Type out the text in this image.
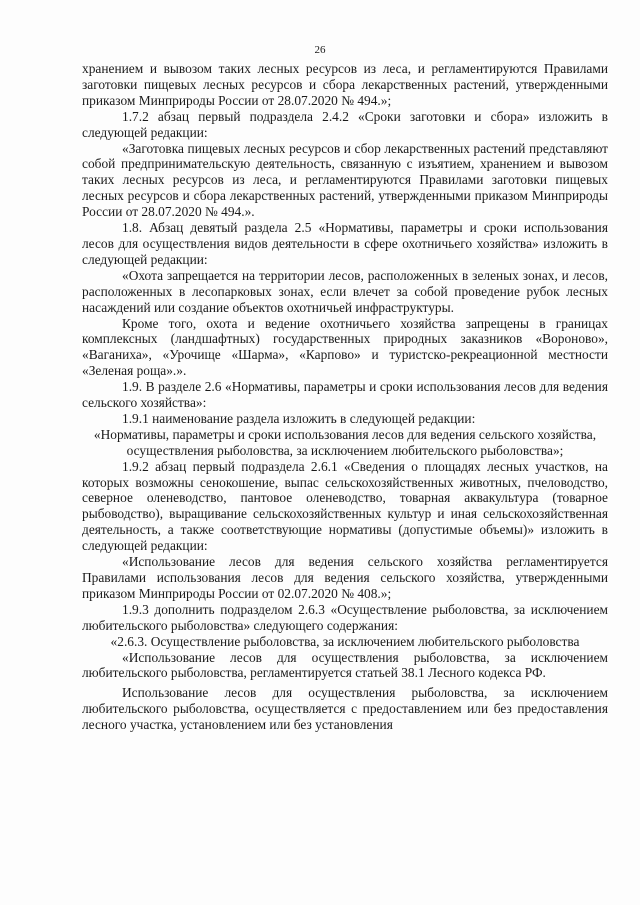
26

хранением и вывозом таких лесных ресурсов из леса, и регламентируются Правилами заготовки пищевых лесных ресурсов и сбора лекарственных растений, утвержденными приказом Минприроды России от 28.07.2020 № 494.»;

1.7.2 абзац первый подраздела 2.4.2 «Сроки заготовки и сбора» изложить в следующей редакции:

«Заготовка пищевых лесных ресурсов и сбор лекарственных растений представляют собой предпринимательскую деятельность, связанную с изъятием, хранением и вывозом таких лесных ресурсов из леса, и регламентируются Правилами заготовки пищевых лесных ресурсов и сбора лекарственных растений, утвержденными приказом Минприроды России от 28.07.2020 № 494.».

1.8. Абзац девятый раздела 2.5 «Нормативы, параметры и сроки использования лесов для осуществления видов деятельности в сфере охотничьего хозяйства» изложить в следующей редакции:

«Охота запрещается на территории лесов, расположенных в зеленых зонах, и лесов, расположенных в лесопарковых зонах, если влечет за собой проведение рубок лесных насаждений или создание объектов охотничьей инфраструктуры.

Кроме того, охота и ведение охотничьего хозяйства запрещены в границах комплексных (ландшафтных) государственных природных заказников «Вороново», «Ваганиха», «Урочище «Шарма», «Карпово» и туристско-рекреационной местности «Зеленая роща».».

1.9. В разделе 2.6 «Нормативы, параметры и сроки использования лесов для ведения сельского хозяйства»:

1.9.1 наименование раздела изложить в следующей редакции:

«Нормативы, параметры и сроки использования лесов для ведения сельского хозяйства, осуществления рыболовства, за исключением любительского рыболовства»;

1.9.2 абзац первый подраздела 2.6.1 «Сведения о площадях лесных участков, на которых возможны сенокошение, выпас сельскохозяйственных животных, пчеловодство, северное оленеводство, пантовое оленеводство, товарная аквакультура (товарное рыбоводство), выращивание сельскохозяйственных культур и иная сельскохозяйственная деятельность, а также соответствующие нормативы (допустимые объемы)» изложить в следующей редакции:

«Использование лесов для ведения сельского хозяйства регламентируется Правилами использования лесов для ведения сельского хозяйства, утвержденными приказом Минприроды России от 02.07.2020 № 408.»;

1.9.3 дополнить подразделом 2.6.3 «Осуществление рыболовства, за исключением любительского рыболовства» следующего содержания:

«2.6.3. Осуществление рыболовства, за исключением любительского рыболовства

«Использование лесов для осуществления рыболовства, за исключением любительского рыболовства, регламентируется статьей 38.1 Лесного кодекса РФ.

Использование лесов для осуществления рыболовства, за исключением любительского рыболовства, осуществляется с предоставлением или без предоставления лесного участка, установлением или без установления
